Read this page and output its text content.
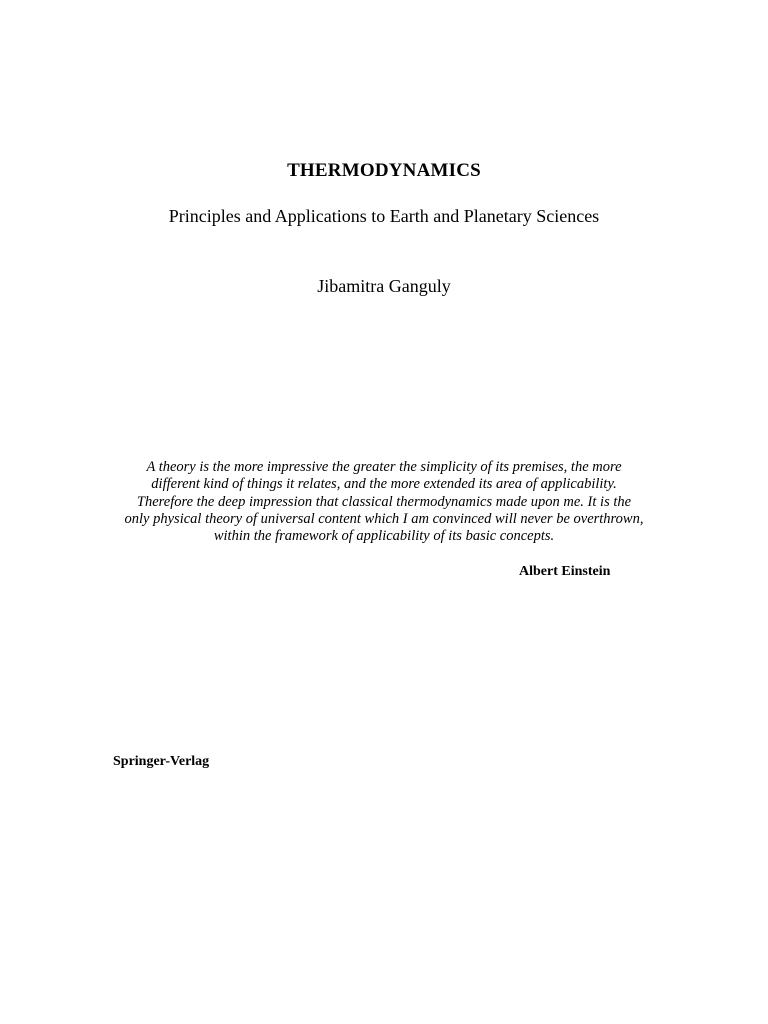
THERMODYNAMICS
Principles and Applications to Earth and Planetary Sciences
Jibamitra Ganguly
A theory is the more impressive the greater the simplicity of its premises, the more
different kind of things it relates, and the more extended its area of applicability.
Therefore the deep impression that classical thermodynamics made upon me. It is the
only physical theory of universal content which I am convinced will never be overthrown,
within the framework of applicability of its basic concepts.
Albert Einstein
Springer-Verlag
